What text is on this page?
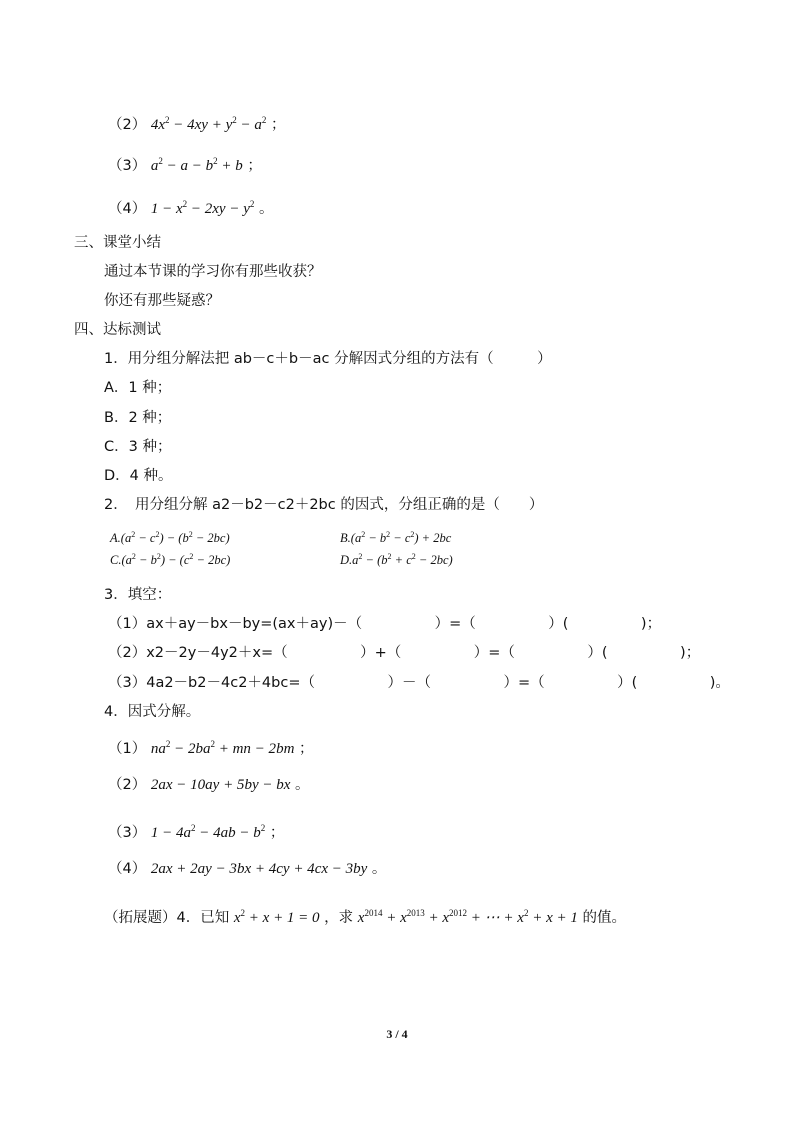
（2） $4x^2 - 4xy + y^2 - a^2$ ；
（3） $a^2 - a - b^2 + b$ ；
（4） $1 - x^2 - 2xy - y^2$ 。
三、课堂小结
通过本节课的学习你有那些收获？
你还有那些疑惑？
四、达标测试
1．用分组分解法把 ab－c＋b－ac 分解因式分组的方法有（　　　）
A．1 种；
B．2 种；
C．3 种；
D．4 种。
2．　用分组分解 a2－b2－c2＋2bc 的因式，分组正确的是（　　）
$A.(a^2 - c^2) - (b^2 - 2bc)$	$B.(a^2 - b^2 - c^2) + 2bc$
$C.(a^2 - b^2) - (c^2 - 2bc)$	$D.a^2 - (b^2 + c^2 - 2bc)$
3．填空：
（1）ax＋ay－bx－by=(ax＋ay)－（　　　　　）=（　　　　　）(　　　　　)；
（2）x2－2y－4y2＋x=（　　　　　）+（　　　　　）=（　　　　　）(　　　　　)；
（3）4a2－b2－4c2＋4bc=（　　　　　）－（　　　　　）=（　　　　　）(　　　　　)。
4．因式分解。
（1） $na^2 - 2ba^2$ + mn − 2bm ；
（2） 2ax − 10ay + 5by − bx 。
（3） $1 - 4a^2 - 4ab - b^2$ ；
（4） 2ax + 2ay − 3bx + 4cy + 4cx − 3by 。
（拓展题）4．已知 $x^2 + x + 1 = 0$ ，求 $x^{2014} + x^{2013} + x^{2012}$ + ⋯ + $x^2 + x + 1$ 的值。
3 / 4
